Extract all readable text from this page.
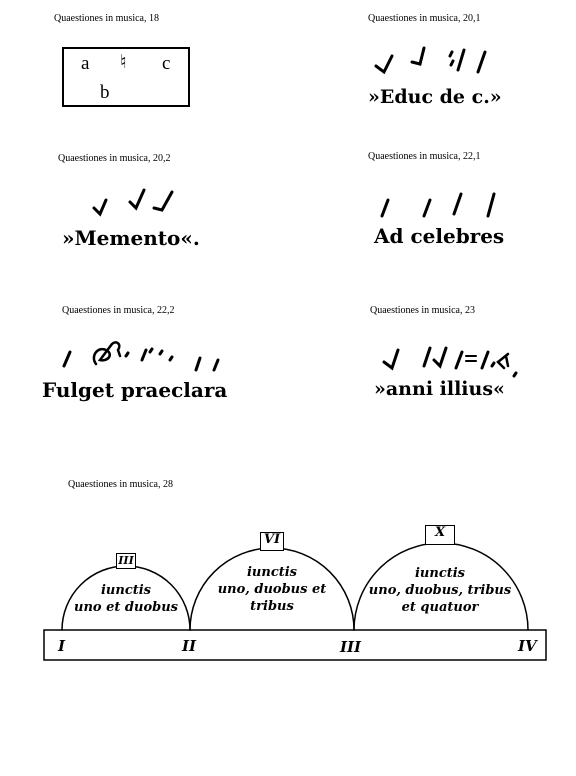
Quaestiones in musica, 18	Quaestiones in musica, 20,1
Quaestiones in musica, 20,2	Quaestiones in musica, 22,1
Quaestiones in musica, 22,2	Quaestiones in musica, 23
Quaestiones in musica, 28
a ♮ c
b	»Educ de c.»
»Memento«.	Ad celebres
Fulget praeclara	»anni illius«
III
VI	X
iunctis
uno et duobus
iunctis
uno, duobus et
tribus
iunctis
uno, duobus, tribus
et quatuor
I	II	III	IV
